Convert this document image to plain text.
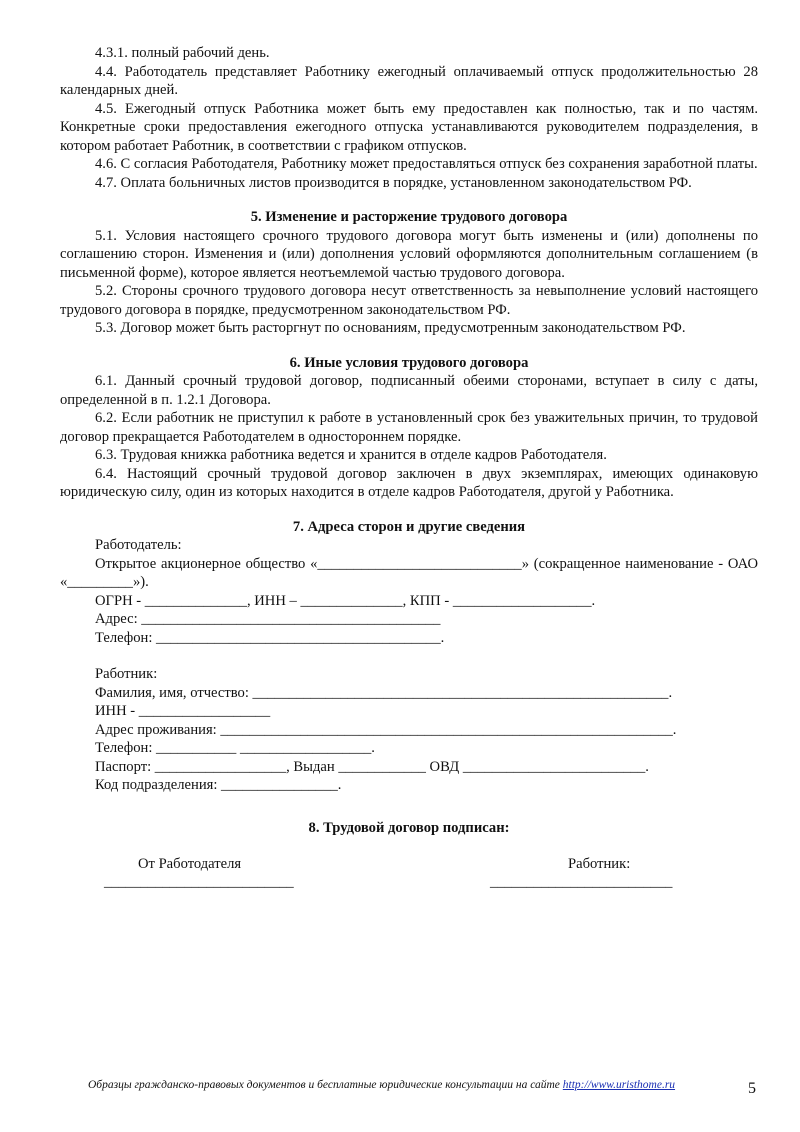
4.3.1. полный рабочий день.

4.4. Работодатель представляет Работнику ежегодный оплачиваемый отпуск продолжительностью 28 календарных дней.

4.5. Ежегодный отпуск Работника может быть ему предоставлен как полностью, так и по частям. Конкретные сроки предоставления ежегодного отпуска устанавливаются руководителем подразделения, в котором работает Работник, в соответствии с графиком отпусков.

4.6. С согласия Работодателя, Работнику может предоставляться отпуск без сохранения заработной платы.

4.7. Оплата больничных листов производится в порядке, установленном законодательством РФ.

5. Изменение и расторжение трудового договора

5.1. Условия настоящего срочного трудового договора могут быть изменены и (или) дополнены по соглашению сторон. Изменения и (или) дополнения условий оформляются дополнительным соглашением (в письменной форме), которое является неотъемлемой частью трудового договора.

5.2. Стороны срочного трудового договора несут ответственность за невыполнение условий настоящего трудового договора в порядке, предусмотренном законодательством РФ.

5.3. Договор может быть расторгнут по основаниям, предусмотренным законодательством РФ.

6. Иные условия трудового договора

6.1. Данный срочный трудовой договор, подписанный обеими сторонами, вступает в силу с даты, определенной в п. 1.2.1 Договора.

6.2. Если работник не приступил к работе в установленный срок без уважительных причин, то трудовой договор прекращается Работодателем в одностороннем порядке.

6.3. Трудовая книжка работника ведется и хранится в отделе кадров Работодателя.

6.4. Настоящий срочный трудовой договор заключен в двух экземплярах, имеющих одинаковую юридическую силу, один из которых находится в отделе кадров Работодателя, другой у Работника.

7. Адреса сторон и другие сведения

Работодатель:

Открытое акционерное общество «____________________________» (сокращенное наименование - ОАО «_________»).

ОГРН - ______________, ИНН – ______________, КПП - ___________________.

Адрес: _________________________________________

Телефон: _______________________________________.

Работник:

Фамилия, имя, отчество: _________________________________________________________.

ИНН - __________________

Адрес проживания: ______________________________________________________________.

Телефон: ___________ __________________.

Паспорт: __________________, Выдан ____________ ОВД _________________________.

Код подразделения: ________________.

8. Трудовой договор подписан:

От Работодателя	Работник:
__________________________	_________________________
Образцы гражданско-правовых документов и бесплатные юридические консультации на сайте http://www.uristhome.ru	5
